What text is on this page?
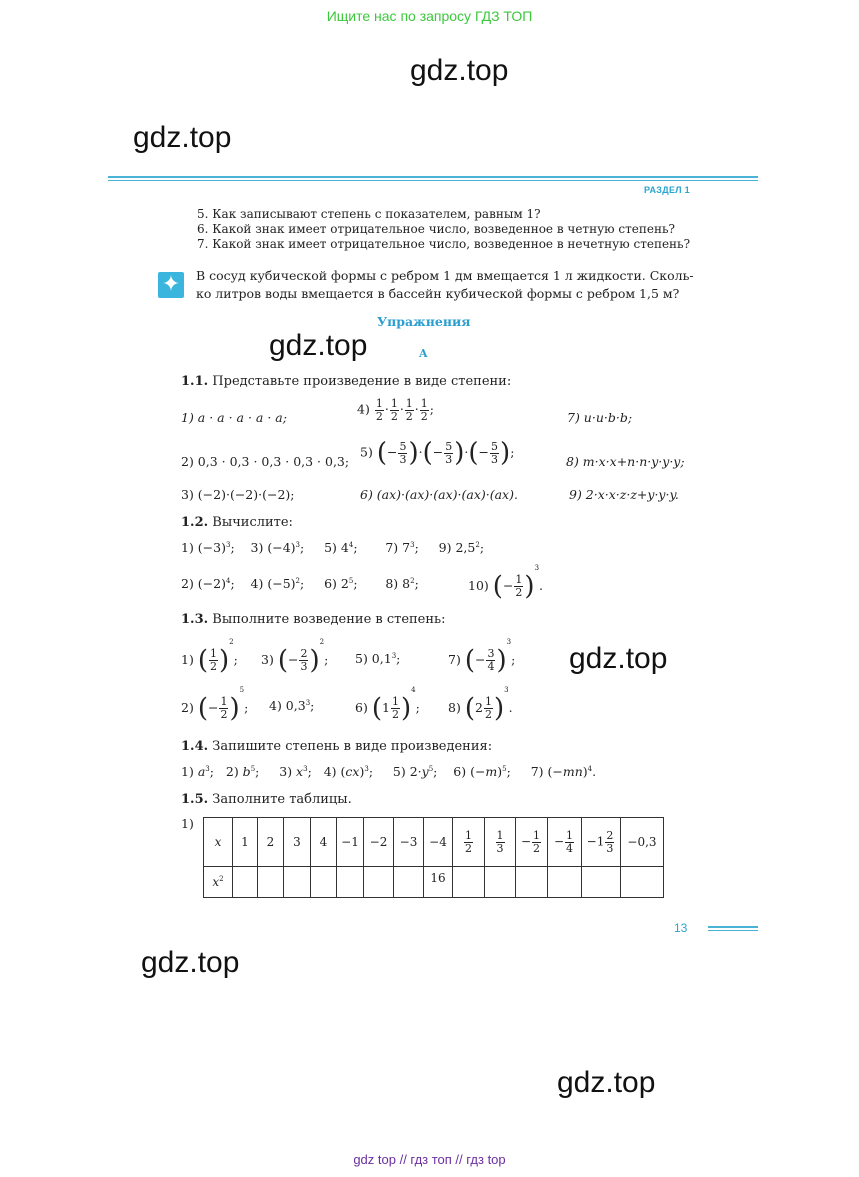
Ищите нас по запросу ГДЗ ТОП
gdz.top
gdz.top
gdz.top
gdz.top
gdz.top
gdz.top
РАЗДЕЛ 1
5. Как записывают степень с показателем, равным 1?
6. Какой знак имеет отрицательное число, возведенное в четную степень?
7. Какой знак имеет отрицательное число, возведенное в нечетную степень?
✦	В сосуд кубической формы с ребром 1 дм вмещается 1 л жидкости. Сколь-
ко литров воды вмещается в бассейн кубической формы с ребром 1,5 м?
Упражнения
A
1.1. Представьте произведение в виде степени:
1) a · a · a · a · a;
$4) \frac{1}{2} \cdot \frac{1}{2} \cdot \frac{1}{2} \cdot \frac{1}{2}$ ;
7) u·u·b·b;
2) 0,3 · 0,3 · 0,3 · 0,3 · 0,3;
5) (− $\frac{5}{3}$ )·(− $\frac{5}{3}$ )·(− $\frac{5}{3}$ );
8) m·x·x+n·n·y·y·y;
3) (−2)·(−2)·(−2);	6) (ax)·(ax)·(ax)·(ax)·(ax).	9) 2·x·x·z·z+y·y·y.
1.2. Вычислите:
1) $(-3)^3$;    3) $(-4)^3$;     5) $4^4$;       7) $7^3$;     9) $2,5^2$;
2) $(-2)^4$;    4) $(-5)^2$;     6) $2^5$;       8) $8^2$;	10) (− $\frac{1}{2} )^3$.
1.3. Выполните возведение в степень:
1) ( $\frac{1}{2} )^2$; 3) (− $\frac{2}{3} )^2$; 5) $0,1^3$;	7) (− $\frac{3}{4} )^3$;
2) (− $\frac{1}{2} )^5$; 4) $0,3^3$;	6) $(1 \frac{1}{2} )^4$; 8) $(2 \frac{1}{2} )^3$.
1.4. Запишите степень в виде произведения:
1) $a^3$;   2) $b^5$;     3) $x^3$;   4) (cx)$^3$;     5) $2\cdot y^5$;    6) $(-m)^5$;     7) $(-mn)^4$.
1.5. Заполните таблицы.
1)
x	1	2	3	4	−1	−2	−3	−4	$\frac{1}{2}$	$\frac{1}{3}$	− $\frac{1}{2}$	− $\frac{1}{4}$	$-1 \frac{2}{3}$	−0,3
$x^2$								16						
13
gdz top // гдз топ // гдз top
